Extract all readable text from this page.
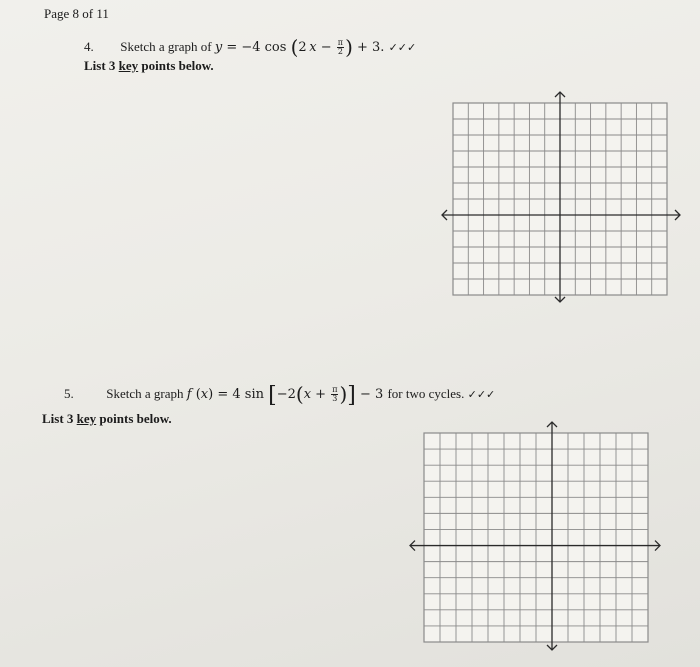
Page 8 of 11
4. Sketch a graph of y = −4 cos (2  $x - \frac{\pi}{2}$ ) + 3. ✓✓✓
List 3 key points below.
5.	Sketch a graph f (x) = 4 $\sin [-2(x + \frac{\pi}{3}$ )] − 3 for two cycles. ✓✓✓
List 3 key points below.
